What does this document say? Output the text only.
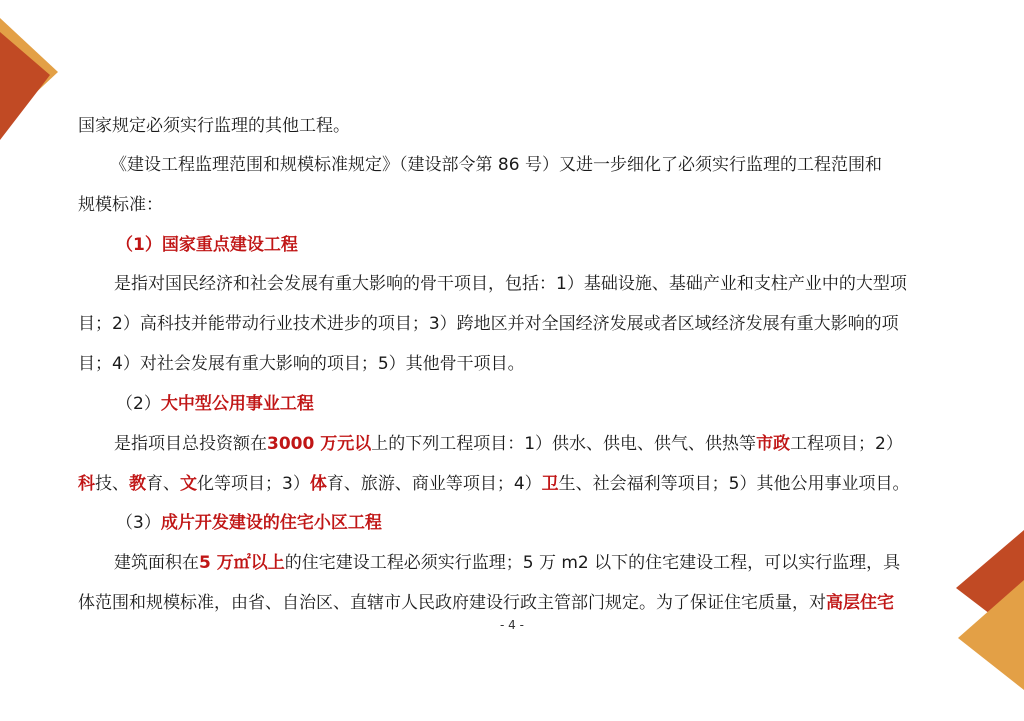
国家规定必须实行监理的其他工程。
《建设工程监理范围和规模标准规定》（建设部令第 86 号）又进一步细化了必须实行监理的工程范围和
规模标准：
（1）国家重点建设工程
是指对国民经济和社会发展有重大影响的骨干项目，包括：1）基础设施、基础产业和支柱产业中的大型项
目；2）高科技并能带动行业技术进步的项目；3）跨地区并对全国经济发展或者区域经济发展有重大影响的项
目；4）对社会发展有重大影响的项目；5）其他骨干项目。
（2）大中型公用事业工程
是指项目总投资额在3000 万元以上的下列工程项目：1）供水、供电、供气、供热等市政工程项目；2）
科技、教育、文化等项目；3）体育、旅游、商业等项目；4）卫生、社会福利等项目；5）其他公用事业项目。
（3）成片开发建设的住宅小区工程
建筑面积在5 万㎡以上的住宅建设工程必须实行监理；5 万 m2 以下的住宅建设工程，可以实行监理，具
体范围和规模标准，由省、自治区、直辖市人民政府建设行政主管部门规定。为了保证住宅质量，对高层住宅
- 4 -
